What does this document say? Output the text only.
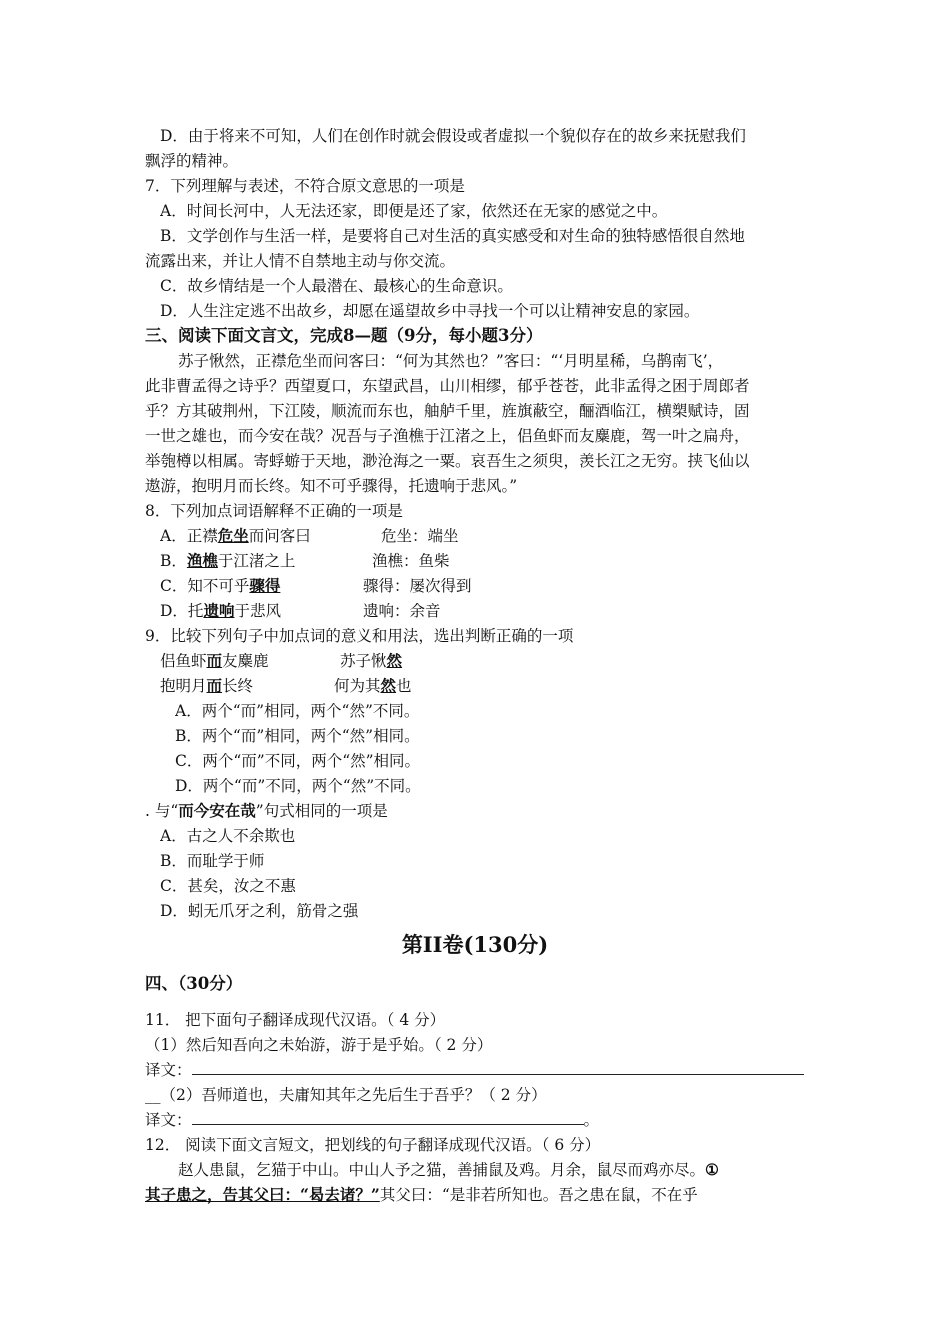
D．由于将来不可知，人们在创作时就会假设或者虚拟一个貌似存在的故乡来抚慰我们
飘浮的精神。
7．下列理解与表述，不符合原文意思的一项是
A．时间长河中，人无法还家，即便是还了家，依然还在无家的感觉之中。
B．文学创作与生活一样，是要将自己对生活的真实感受和对生命的独特感悟很自然地
流露出来，并让人情不自禁地主动与你交流。
C．故乡情结是一个人最潜在、最核心的生命意识。
D．人生注定逃不出故乡，却愿在遥望故乡中寻找一个可以让精神安息的家园。
三、阅读下面文言文，完成8—题（9分，每小题3分）
苏子愀然，正襟危坐而问客曰：“何为其然也？”客曰：“‘月明星稀，乌鹊南飞’，
此非曹孟得之诗乎？西望夏口，东望武昌，山川相缪，郁乎苍苍，此非孟得之困于周郎者
乎？方其破荆州，下江陵，顺流而东也，舳舻千里，旌旗蔽空，酾酒临江，横槊赋诗，固
一世之雄也，而今安在哉？况吾与子渔樵于江渚之上，侣鱼虾而友麋鹿，驾一叶之扁舟，
举匏樽以相属。寄蜉蝣于天地，渺沧海之一粟。哀吾生之须臾，羡长江之无穷。挟飞仙以
遨游，抱明月而长终。知不可乎骤得，托遗响于悲风。”
8．下列加点词语解释不正确的一项是
A．正襟危坐而问客曰	危坐：端坐
B．渔樵于江渚之上	渔樵：鱼柴
C．知不可乎骤得	骤得：屡次得到
D．托遗响于悲风	遗响：余音
9．比较下列句子中加点词的意义和用法，选出判断正确的一项
侣鱼虾而友麋鹿	苏子愀然
抱明月而长终	何为其然也
A．两个“而”相同，两个“然”不同。
B．两个“而”相同，两个“然”相同。
C．两个“而”不同，两个“然”相同。
D．两个“而”不同，两个“然”不同。
. 与“而今安在哉”句式相同的一项是
A．古之人不余欺也
B．而耻学于师
C．甚矣，汝之不惠
D．蚓无爪牙之利，筋骨之强
第II卷(130分)
四、（30分）
11． 把下面句子翻译成现代汉语。（ 4 分）
（1）然后知吾向之未始游，游于是乎始。（ 2 分）
译文：
__（2）吾师道也，夫庸知其年之先后生于吾乎？（ 2 分）
译文：	。
12． 阅读下面文言短文，把划线的句子翻译成现代汉语。（ 6 分）
赵人患鼠，乞猫于中山。中山人予之猫，善捕鼠及鸡。月余，鼠尽而鸡亦尽。①
其子患之，告其父曰：“曷去诸？”其父曰：“是非若所知也。吾之患在鼠，不在乎
